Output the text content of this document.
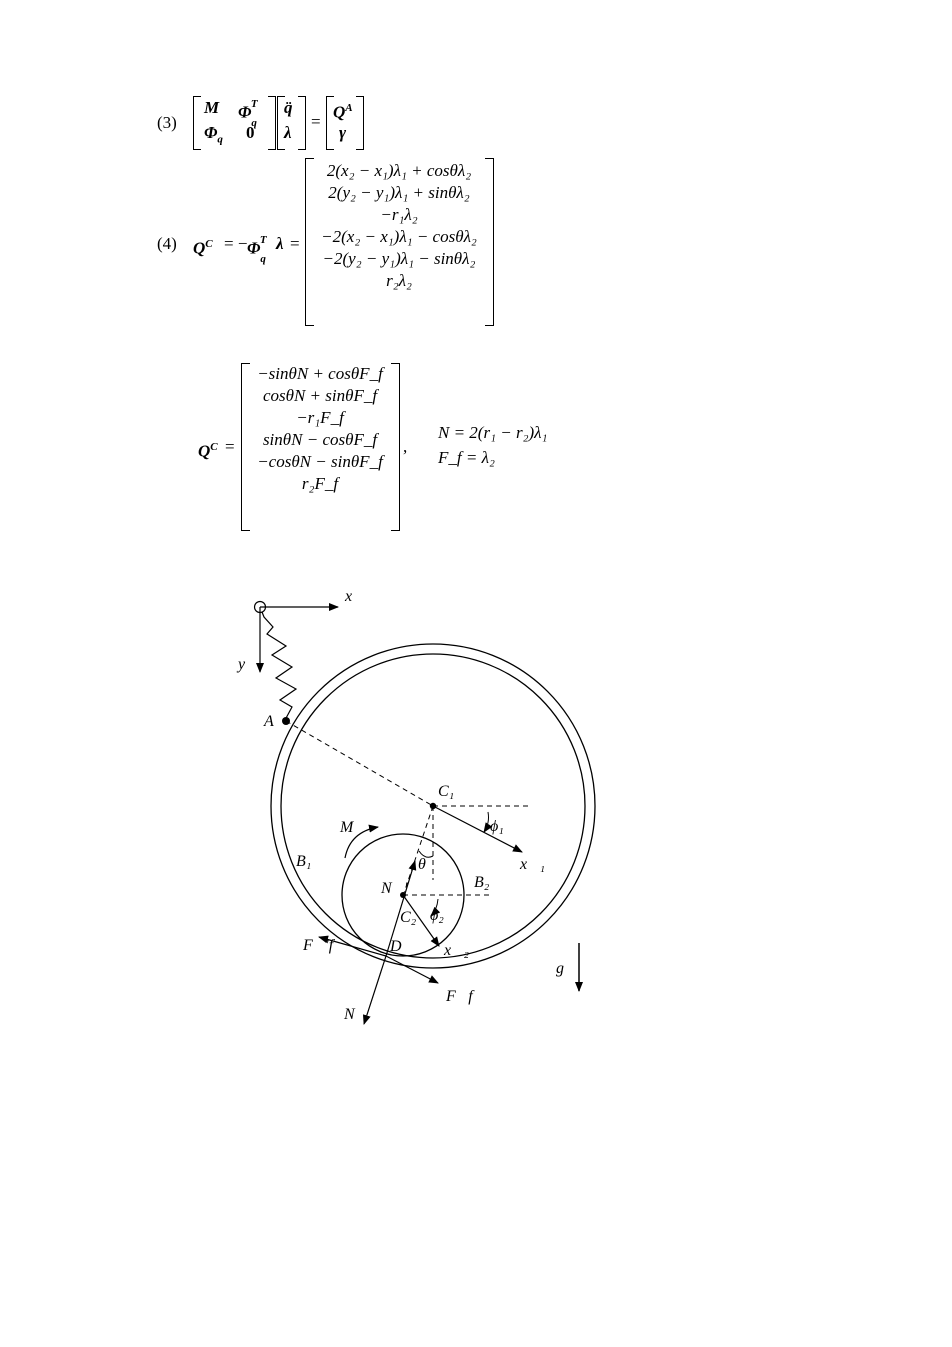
(3)
M $\Phi_q^T$
$\Phi_q$ 0
q̈
λ
= $Q^A$
γ
(4) $Q^C$ = − $\Phi_q^T$ λ =
2(x₂ − x₁)λ₁ + cosθλ₂
2(y₂ − y₁)λ₁ + sinθλ₂
−r₁λ₂
−2(x₂ − x₁)λ₁ − cosθλ₂
−2(y₂ − y₁)λ₁ − sinθλ₂
r₂λ₂
$Q^C$ =
−sinθN + cosθF_f
cosθN + sinθF_f
−r₁F_f
sinθN − cosθF_f
−cosθN − sinθF_f
r₂F_f
,
N = 2(r₁ − r₂)λ₁
F_f = λ₂
x⃗
y⃗
A
C₁
ϕ₁
x⃗₁
M
B₁	θ
N⃗′	B₂
C₂ ϕ₂
x⃗₂
F⃗′f	D
F⃗f
N⃗
g⃗
